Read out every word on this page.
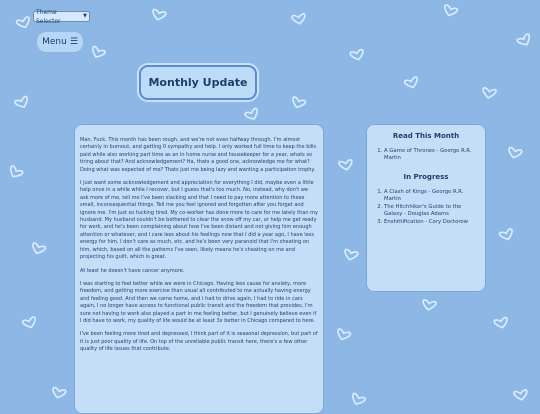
Theme Selector
▼
Menu ☰
Monthly Update

Man, Fuck. This month has been rough, and we're not even halfway through. I'm almost certainly in burnout, and getting 0 sympathy and help. I only worked full time to keep the bills paid while also working part time as an in home nurse and housekeeper for a year, whats so tiring about that? And acknowledgement? Ha, thats a good one, acknowledge me for what? Doing what was expected of me? Thats just me being lazy and wanting a participation trophy.

I just want some acknowledgement and appreciation for everything I did, maybe even a little help once in a while while I recover, but I guess that's too much. No, instead, why don't we ask more of me, tell me I've been slacking and that I need to pay more attention to these small, inconsequential things. Tell me you feel ignored and forgotten after you forget and ignore me. I'm just so fucking tired. My co-worker has done more to care for me lately than my husband. My husband couldn't be bothered to clear the snow off my car, or help me get ready for work, and he's been complaining about how I've been distant and not giving him enough attention or whatever, and I care less about his feelings now that I did a year ago, I have less energy for him, I don't care as much, etc. and he's been very paranoid that I'm cheating on him, which, based on all the patterns I've seen, likely means he's cheating on me and projecting his guilt, which is great.

At least he doesn't have cancer anymore.

I was starting to feel better while we were in Chicago. Having less cause for anxiety, more freedom, and getting more exercise than usual all contributed to me actually having energy and feeling good. And then we came home, and I had to drive again, I had to ride in cars again, I no longer have access to functional public transit and the freedom that provides, I'm sure not having to work also played a part in me feeling better, but I genuinely believe even if I did have to work, my quality of life would be at least 3x better in Chicago compared to here.

I've been feeling more tired and depressed, I think part of it is seasonal depression, but part of it is just poor quality of life. On top of the unreliable public transit here, there's a few other quality of life issues that contribute.

Read This Month
1. A Game of Thrones - George R.R. Martin
In Progress
1. A Clash of Kings - George R.R. Martin
2. The Hitchhiker's Guide to the Galaxy - Douglas Adams
3. Enshittification - Cory Doctorow
